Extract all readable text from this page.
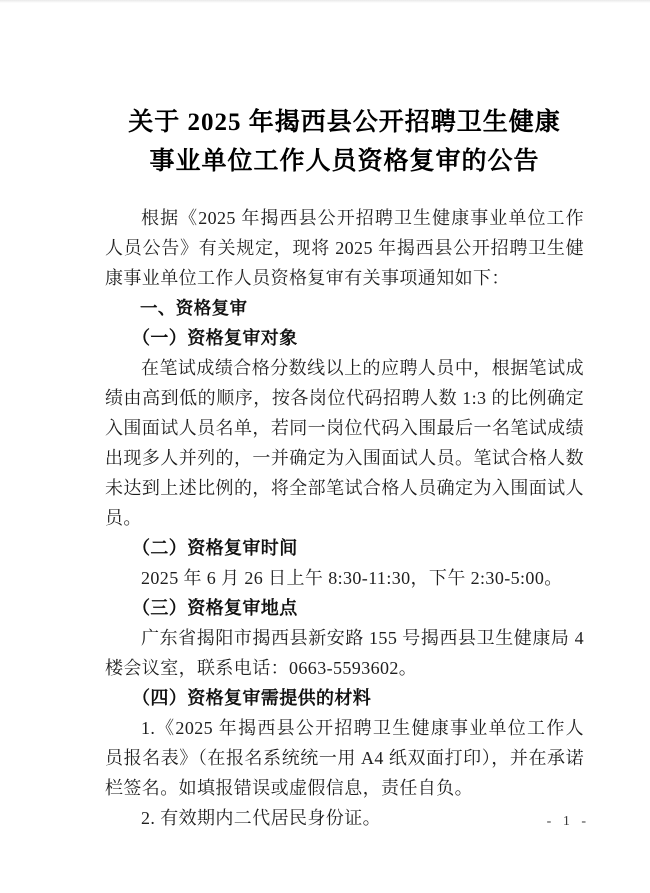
关于 2025 年揭西县公开招聘卫生健康
事业单位工作人员资格复审的公告

根据《2025 年揭西县公开招聘卫生健康事业单位工作人员公告》有关规定，现将 2025 年揭西县公开招聘卫生健康事业单位工作人员资格复审有关事项通知如下：

一、资格复审

（一）资格复审对象

在笔试成绩合格分数线以上的应聘人员中，根据笔试成绩由高到低的顺序，按各岗位代码招聘人数 1:3 的比例确定入围面试人员名单，若同一岗位代码入围最后一名笔试成绩出现多人并列的，一并确定为入围面试人员。笔试合格人数未达到上述比例的，将全部笔试合格人员确定为入围面试人员。

（二）资格复审时间

2025 年 6 月 26 日上午 8:30-11:30，下午 2:30-5:00。

（三）资格复审地点

广东省揭阳市揭西县新安路 155 号揭西县卫生健康局 4 楼会议室，联系电话：0663-5593602。

（四）资格复审需提供的材料

1.《2025 年揭西县公开招聘卫生健康事业单位工作人员报名表》（在报名系统统一用 A4 纸双面打印），并在承诺栏签名。如填报错误或虚假信息，责任自负。

2. 有效期内二代居民身份证。	- 1 -
